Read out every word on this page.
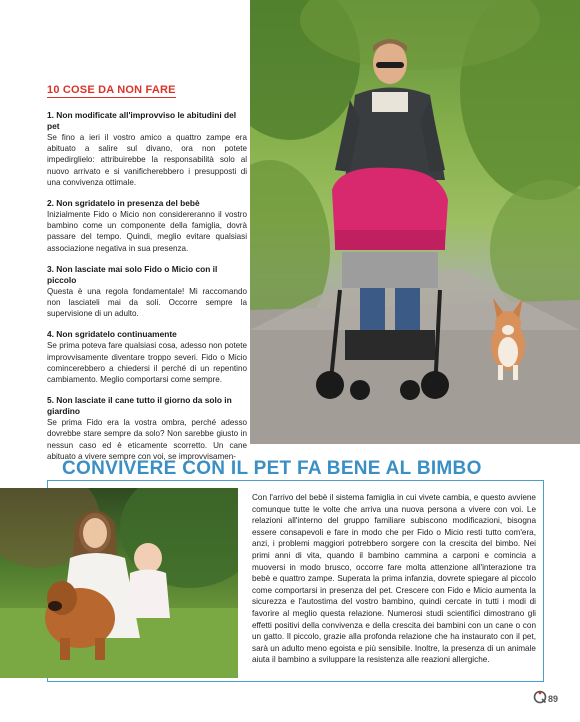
10 COSE DA NON FARE
1. Non modificate all'improvviso le abitudini del pet
Se fino a ieri il vostro amico a quattro zampe era abituato a salire sul divano, ora non potete impedirglielo: attribuirebbe la responsabilità solo al nuovo arrivato e si vanificherebbero i presupposti di una convivenza ottimale.
2. Non sgridatelo in presenza del bebè
Inizialmente Fido o Micio non considereranno il vostro bambino come un componente della famiglia, dovrà passare del tempo. Quindi, meglio evitare qualsiasi associazione negativa in sua presenza.
3. Non lasciate mai solo Fido o Micio con il piccolo
Questa è una regola fondamentale! Mi raccomando non lasciateli mai da soli. Occorre sempre la supervisione di un adulto.
4. Non sgridatelo continuamente
Se prima poteva fare qualsiasi cosa, adesso non potete improvvisamente diventare troppo severi. Fido o Micio comincerebbero a chiedersi il perché di un repentino cambiamento. Meglio comportarsi come sempre.
5. Non lasciate il cane tutto il giorno da solo in giardino
Se prima Fido era la vostra ombra, perché adesso dovrebbe stare sempre da solo? Non sarebbe giusto in nessun caso ed è eticamente scorretto. Un cane abituato a vivere sempre con voi, se improvvisamen-
CONVIVERE CON IL PET FA BENE AL BIMBO
Con l'arrivo del bebè il sistema famiglia in cui vivete cambia, e questo avviene comunque tutte le volte che arriva una nuova persona a vivere con voi. Le relazioni all'interno del gruppo familiare subiscono modificazioni, bisogna essere consapevoli e fare in modo che per Fido o Micio resti tutto com'era, anzi, i problemi maggiori potrebbero sorgere con la crescita del bimbo. Nei primi anni di vita, quando il bambino cammina a carponi e comincia a muoversi in modo brusco, occorre fare molta attenzione all'interazione tra bebè e quattro zampe. Superata la prima infanzia, dovrete spiegare al piccolo come comportarsi in presenza del pet. Crescere con Fido e Micio aumenta la sicurezza e l'autostima del vostro bambino, quindi cercate in tutti i modi di favorire al meglio questa relazione. Numerosi studi scientifici dimostrano gli effetti positivi della convivenza e della crescita dei bambini con un cane o con un gatto. Il piccolo, grazie alla profonda relazione che ha instaurato con il pet, sarà un adulto meno egoista e più sensibile. Inoltre, la presenza di un animale aiuta il bambino a sviluppare la resistenza alle reazioni allergiche.
89
